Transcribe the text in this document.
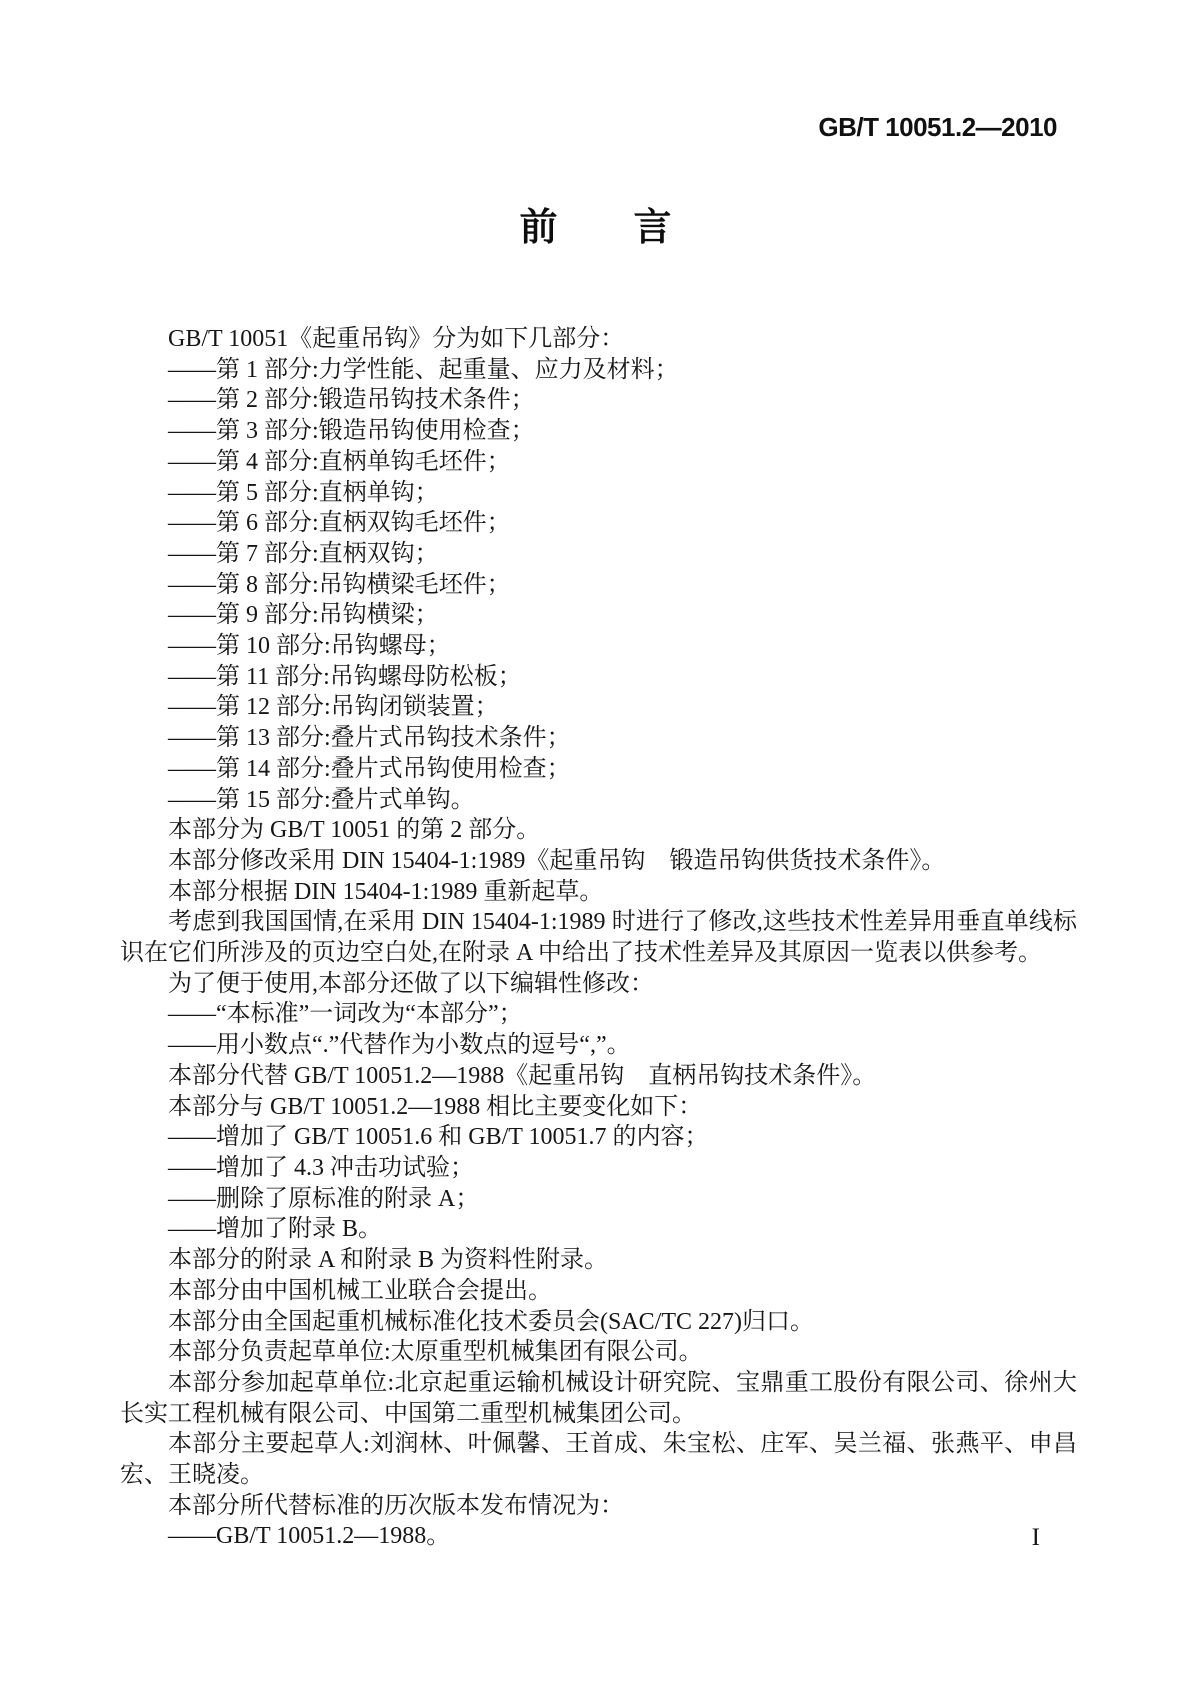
GB/T 10051.2—2010
前　　言

GB/T 10051《起重吊钩》分为如下几部分：

——第 1 部分:力学性能、起重量、应力及材料；

——第 2 部分:锻造吊钩技术条件；

——第 3 部分:锻造吊钩使用检查；

——第 4 部分:直柄单钩毛坯件；

——第 5 部分:直柄单钩；

——第 6 部分:直柄双钩毛坯件；

——第 7 部分:直柄双钩；

——第 8 部分:吊钩横梁毛坯件；

——第 9 部分:吊钩横梁；

——第 10 部分:吊钩螺母；

——第 11 部分:吊钩螺母防松板；

——第 12 部分:吊钩闭锁装置；

——第 13 部分:叠片式吊钩技术条件；

——第 14 部分:叠片式吊钩使用检查；

——第 15 部分:叠片式单钩。

本部分为 GB/T 10051 的第 2 部分。

本部分修改采用 DIN 15404-1:1989《起重吊钩　锻造吊钩供货技术条件》。

本部分根据 DIN 15404-1:1989 重新起草。

考虑到我国国情,在采用 DIN 15404-1:1989 时进行了修改,这些技术性差异用垂直单线标识在它们所涉及的页边空白处,在附录 A 中给出了技术性差异及其原因一览表以供参考。

为了便于使用,本部分还做了以下编辑性修改：

——“本标准”一词改为“本部分”；

——用小数点“.”代替作为小数点的逗号“,”。

本部分代替 GB/T 10051.2—1988《起重吊钩　直柄吊钩技术条件》。

本部分与 GB/T 10051.2—1988 相比主要变化如下：

——增加了 GB/T 10051.6 和 GB/T 10051.7 的内容；

——增加了 4.3 冲击功试验；

——删除了原标准的附录 A；

——增加了附录 B。

本部分的附录 A 和附录 B 为资料性附录。

本部分由中国机械工业联合会提出。

本部分由全国起重机械标准化技术委员会(SAC/TC 227)归口。

本部分负责起草单位:太原重型机械集团有限公司。

本部分参加起草单位:北京起重运输机械设计研究院、宝鼎重工股份有限公司、徐州大长实工程机械有限公司、中国第二重型机械集团公司。

本部分主要起草人:刘润林、叶佩馨、王首成、朱宝松、庄军、吴兰福、张燕平、申昌宏、王晓凌。

本部分所代替标准的历次版本发布情况为：

——GB/T 10051.2—1988。	I
